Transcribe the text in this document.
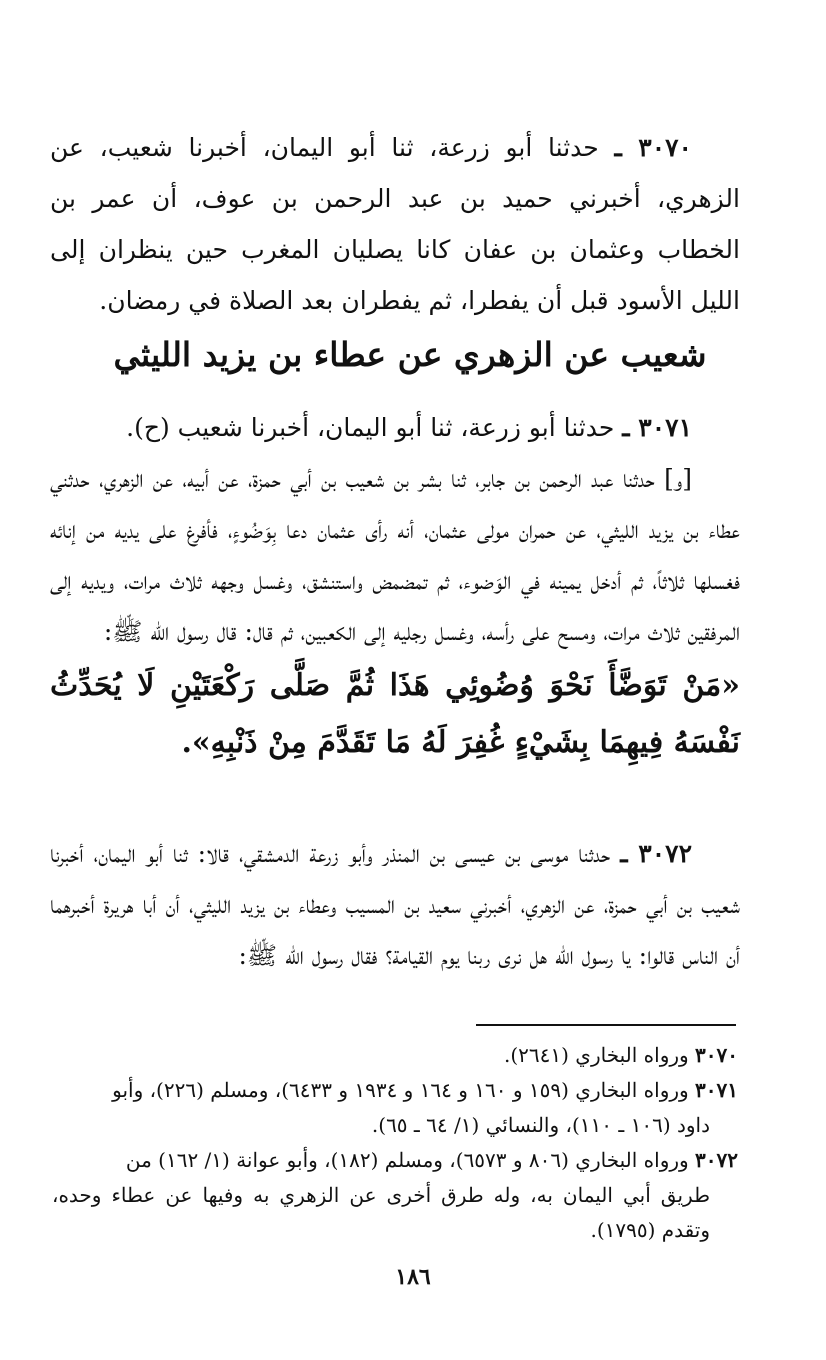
٣٠٧٠ ـ حدثنا أبو زرعة، ثنا أبو اليمان، أخبرنا شعيب، عن الزهري، أخبرني حميد بن عبد الرحمن بن عوف، أن عمر بن الخطاب وعثمان بن عفان كانا يصليان المغرب حين ينظران إلى الليل الأسود قبل أن يفطرا، ثم يفطران بعد الصلاة في رمضان.

شعيب عن الزهري عن عطاء بن يزيد الليثي

٣٠٧١ ـ حدثنا أبو زرعة، ثنا أبو اليمان، أخبرنا شعيب (ح).

[و] حدثنا عبد الرحمن بن جابر، ثنا بشر بن شعيب بن أبي حمزة، عن أبيه، عن الزهري، حدثني عطاء بن يزيد الليثي، عن حمران مولى عثمان، أنه رأى عثمان دعا بِوَضُوءٍ، فأفرغ على يديه من إنائه فغسلها ثلاثاً، ثم أدخل يمينه في الوَضوء، ثم تمضمض واستنشق، وغسل وجهه ثلاث مرات، ويديه إلى المرفقين ثلاث مرات، ومسح على رأسه، وغسل رجليه إلى الكعبين، ثم قال: قال رسول الله ﷺ:

«مَنْ تَوَضَّأَ نَحْوَ وُضُوئِي هَذَا ثُمَّ صَلَّى رَكْعَتَيْنِ لَا يُحَدِّثُ نَفْسَهُ فِيهِمَا بِشَيْءٍ غُفِرَ لَهُ مَا تَقَدَّمَ مِنْ ذَنْبِهِ».

٣٠٧٢ ـ حدثنا موسى بن عيسى بن المنذر وأبو زرعة الدمشقي، قالا: ثنا أبو اليمان، أخبرنا شعيب بن أبي حمزة، عن الزهري، أخبرني سعيد بن المسيب وعطاء بن يزيد الليثي، أن أبا هريرة أخبرهما أن الناس قالوا: يا رسول الله هل نرى ربنا يوم القيامة؟ فقال رسول الله ﷺ:

٣٠٧٠ ورواه البخاري (٢٦٤١).

٣٠٧١ ورواه البخاري (١٥٩ و ١٦٠ و ١٦٤ و ١٩٣٤ و ٦٤٣٣)، ومسلم (٢٢٦)، وأبو

داود (١٠٦ ـ ١١٠)، والنسائي (١/ ٦٤ ـ ٦٥).

٣٠٧٢ ورواه البخاري (٨٠٦ و ٦٥٧٣)، ومسلم (١٨٢)، وأبو عوانة (١/ ١٦٢) من

طريق أبي اليمان به، وله طرق أخرى عن الزهري به وفيها عن عطاء وحده، وتقدم (١٧٩٥).

١٨٦
